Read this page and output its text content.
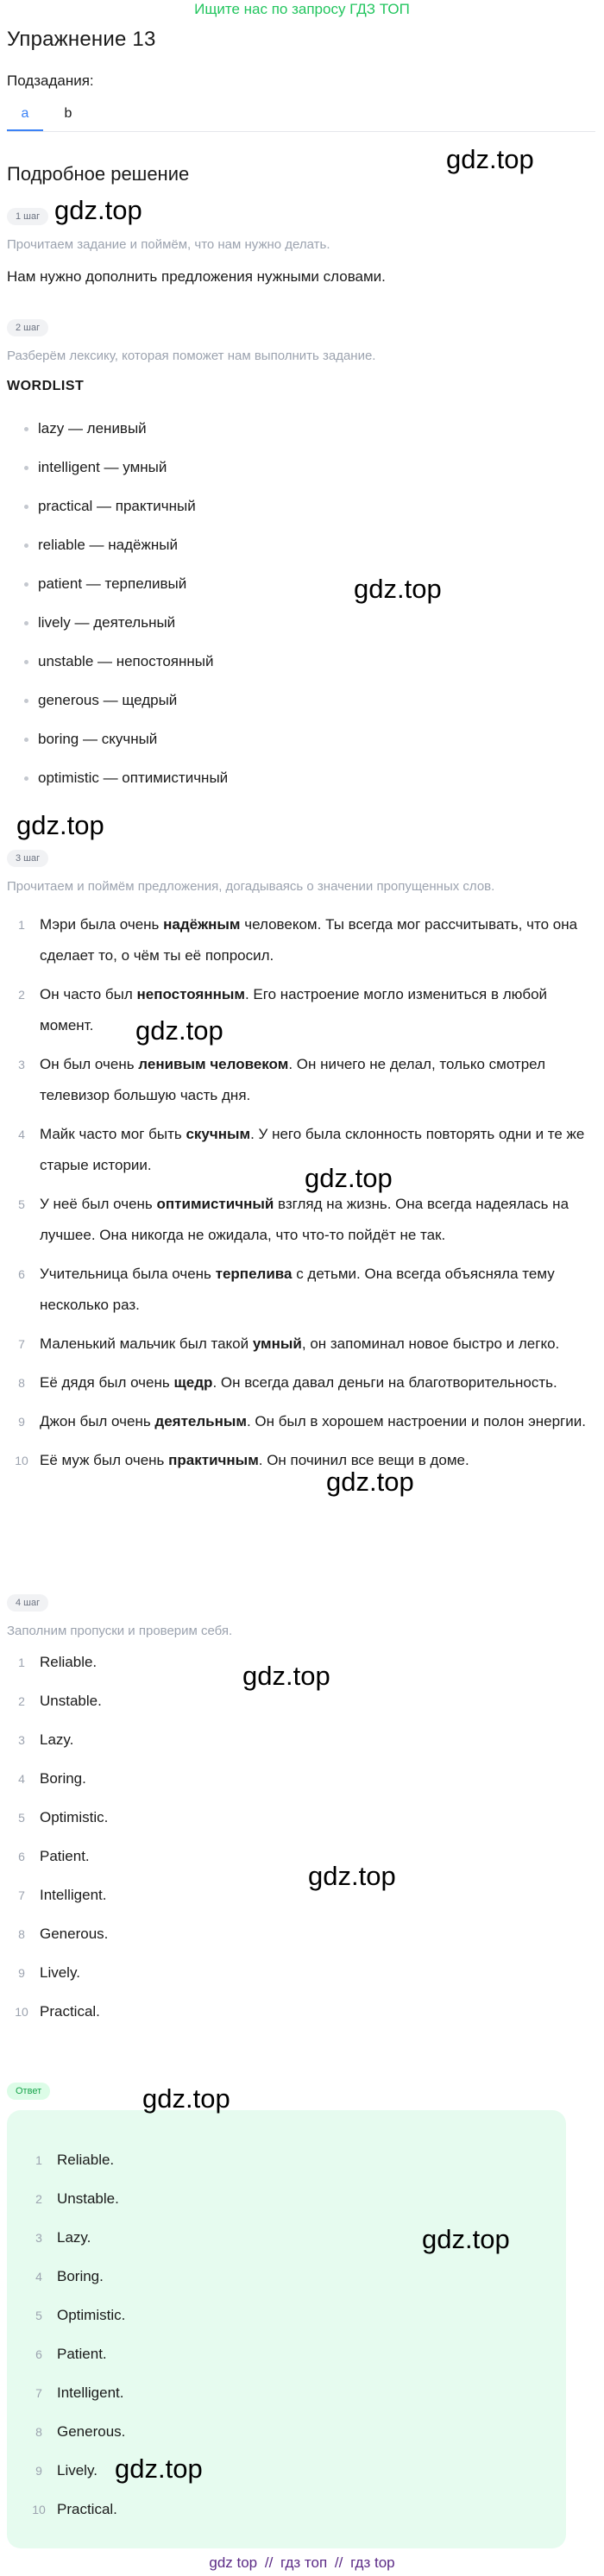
Ищите нас по запросу ГДЗ ТОП
Упражнение 13
Подзадания:
a	b
Подробное решение
1 шаг
Прочитаем задание и поймём, что нам нужно делать.
Нам нужно дополнить предложения нужными словами.
2 шаг
Разберём лексику, которая поможет нам выполнить задание.
WORDLIST
lazy — ленивый
intelligent — умный
practical — практичный
reliable — надёжный
patient — терпеливый
lively — деятельный
unstable — непостоянный
generous — щедрый
boring — скучный
optimistic — оптимистичный
3 шаг
Прочитаем и поймём предложения, догадываясь о значении пропущенных слов.
1	Мэри была очень надёжным человеком. Ты всегда мог рассчитывать, что она сделает то, о чём ты её попросил.
2	Он часто был непостоянным. Его настроение могло измениться в любой момент.
3	Он был очень ленивым человеком. Он ничего не делал, только смотрел телевизор большую часть дня.
4	Майк часто мог быть скучным. У него была склонность повторять одни и те же старые истории.
5	У неё был очень оптимистичный взгляд на жизнь. Она всегда надеялась на лучшее. Она никогда не ожидала, что что-то пойдёт не так.
6	Учительница была очень терпелива с детьми. Она всегда объясняла тему несколько раз.
7	Маленький мальчик был такой умный, он запоминал новое быстро и легко.
8	Её дядя был очень щедр. Он всегда давал деньги на благотворительность.
9	Джон был очень деятельным. Он был в хорошем настроении и полон энергии.
10 Её муж был очень практичным. Он починил все вещи в доме.
4 шаг
Заполним пропуски и проверим себя.
1	Reliable.
2	Unstable.
3	Lazy.
4	Boring.
5	Optimistic.
6	Patient.
7	Intelligent.
8	Generous.
9	Lively.
10 Practical.
Ответ
1	Reliable.
2	Unstable.
3	Lazy.
4	Boring.
5	Optimistic.
6	Patient.
7	Intelligent.
8	Generous.
9	Lively.
10 Practical.
gdz.top
gdz.top
gdz.top
gdz.top
gdz.top
gdz.top
gdz.top
gdz.top
gdz.top
gdz.top
gdz.top
gdz.top
gdz top // гдз топ // гдз top
